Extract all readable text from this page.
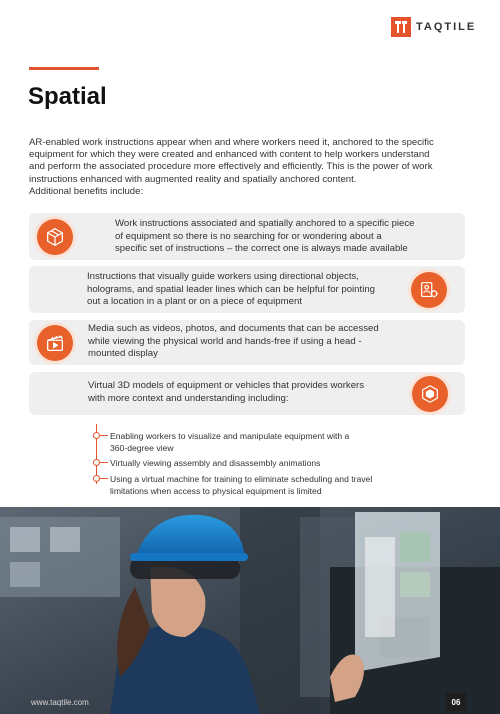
TAQTILE
Spatial

AR-enabled work instructions appear when and where workers need it, anchored to the specific

equipment for which they were created and enhanced with content to help workers understand

and perform the associated procedure more effectively and efficiently. This is the power of work

instructions enhanced with augmented reality and spatially anchored content.

Additional benefits include:

Work instructions associated and spatially anchored to a specific piece
of equipment so there is no searching for or wondering about a
specific set of instructions – the correct one is always made available
Instructions that visually guide workers using directional objects,
holograms, and spatial leader lines which can be helpful for pointing
out a location in a plant or on a piece of equipment
Media such as videos, photos, and documents that can be accessed
while viewing the physical world and hands-free if using a head -
mounted display
Virtual 3D models of equipment or vehicles that provides workers
with more context and understanding including:
Enabling workers to visualize and manipulate equipment with a
360-degree view
Virtually viewing assembly and disassembly animations
Using a virtual machine for training to eliminate scheduling and travel
limitations when access to physical equipment is limited
www.taqtile.com	06
